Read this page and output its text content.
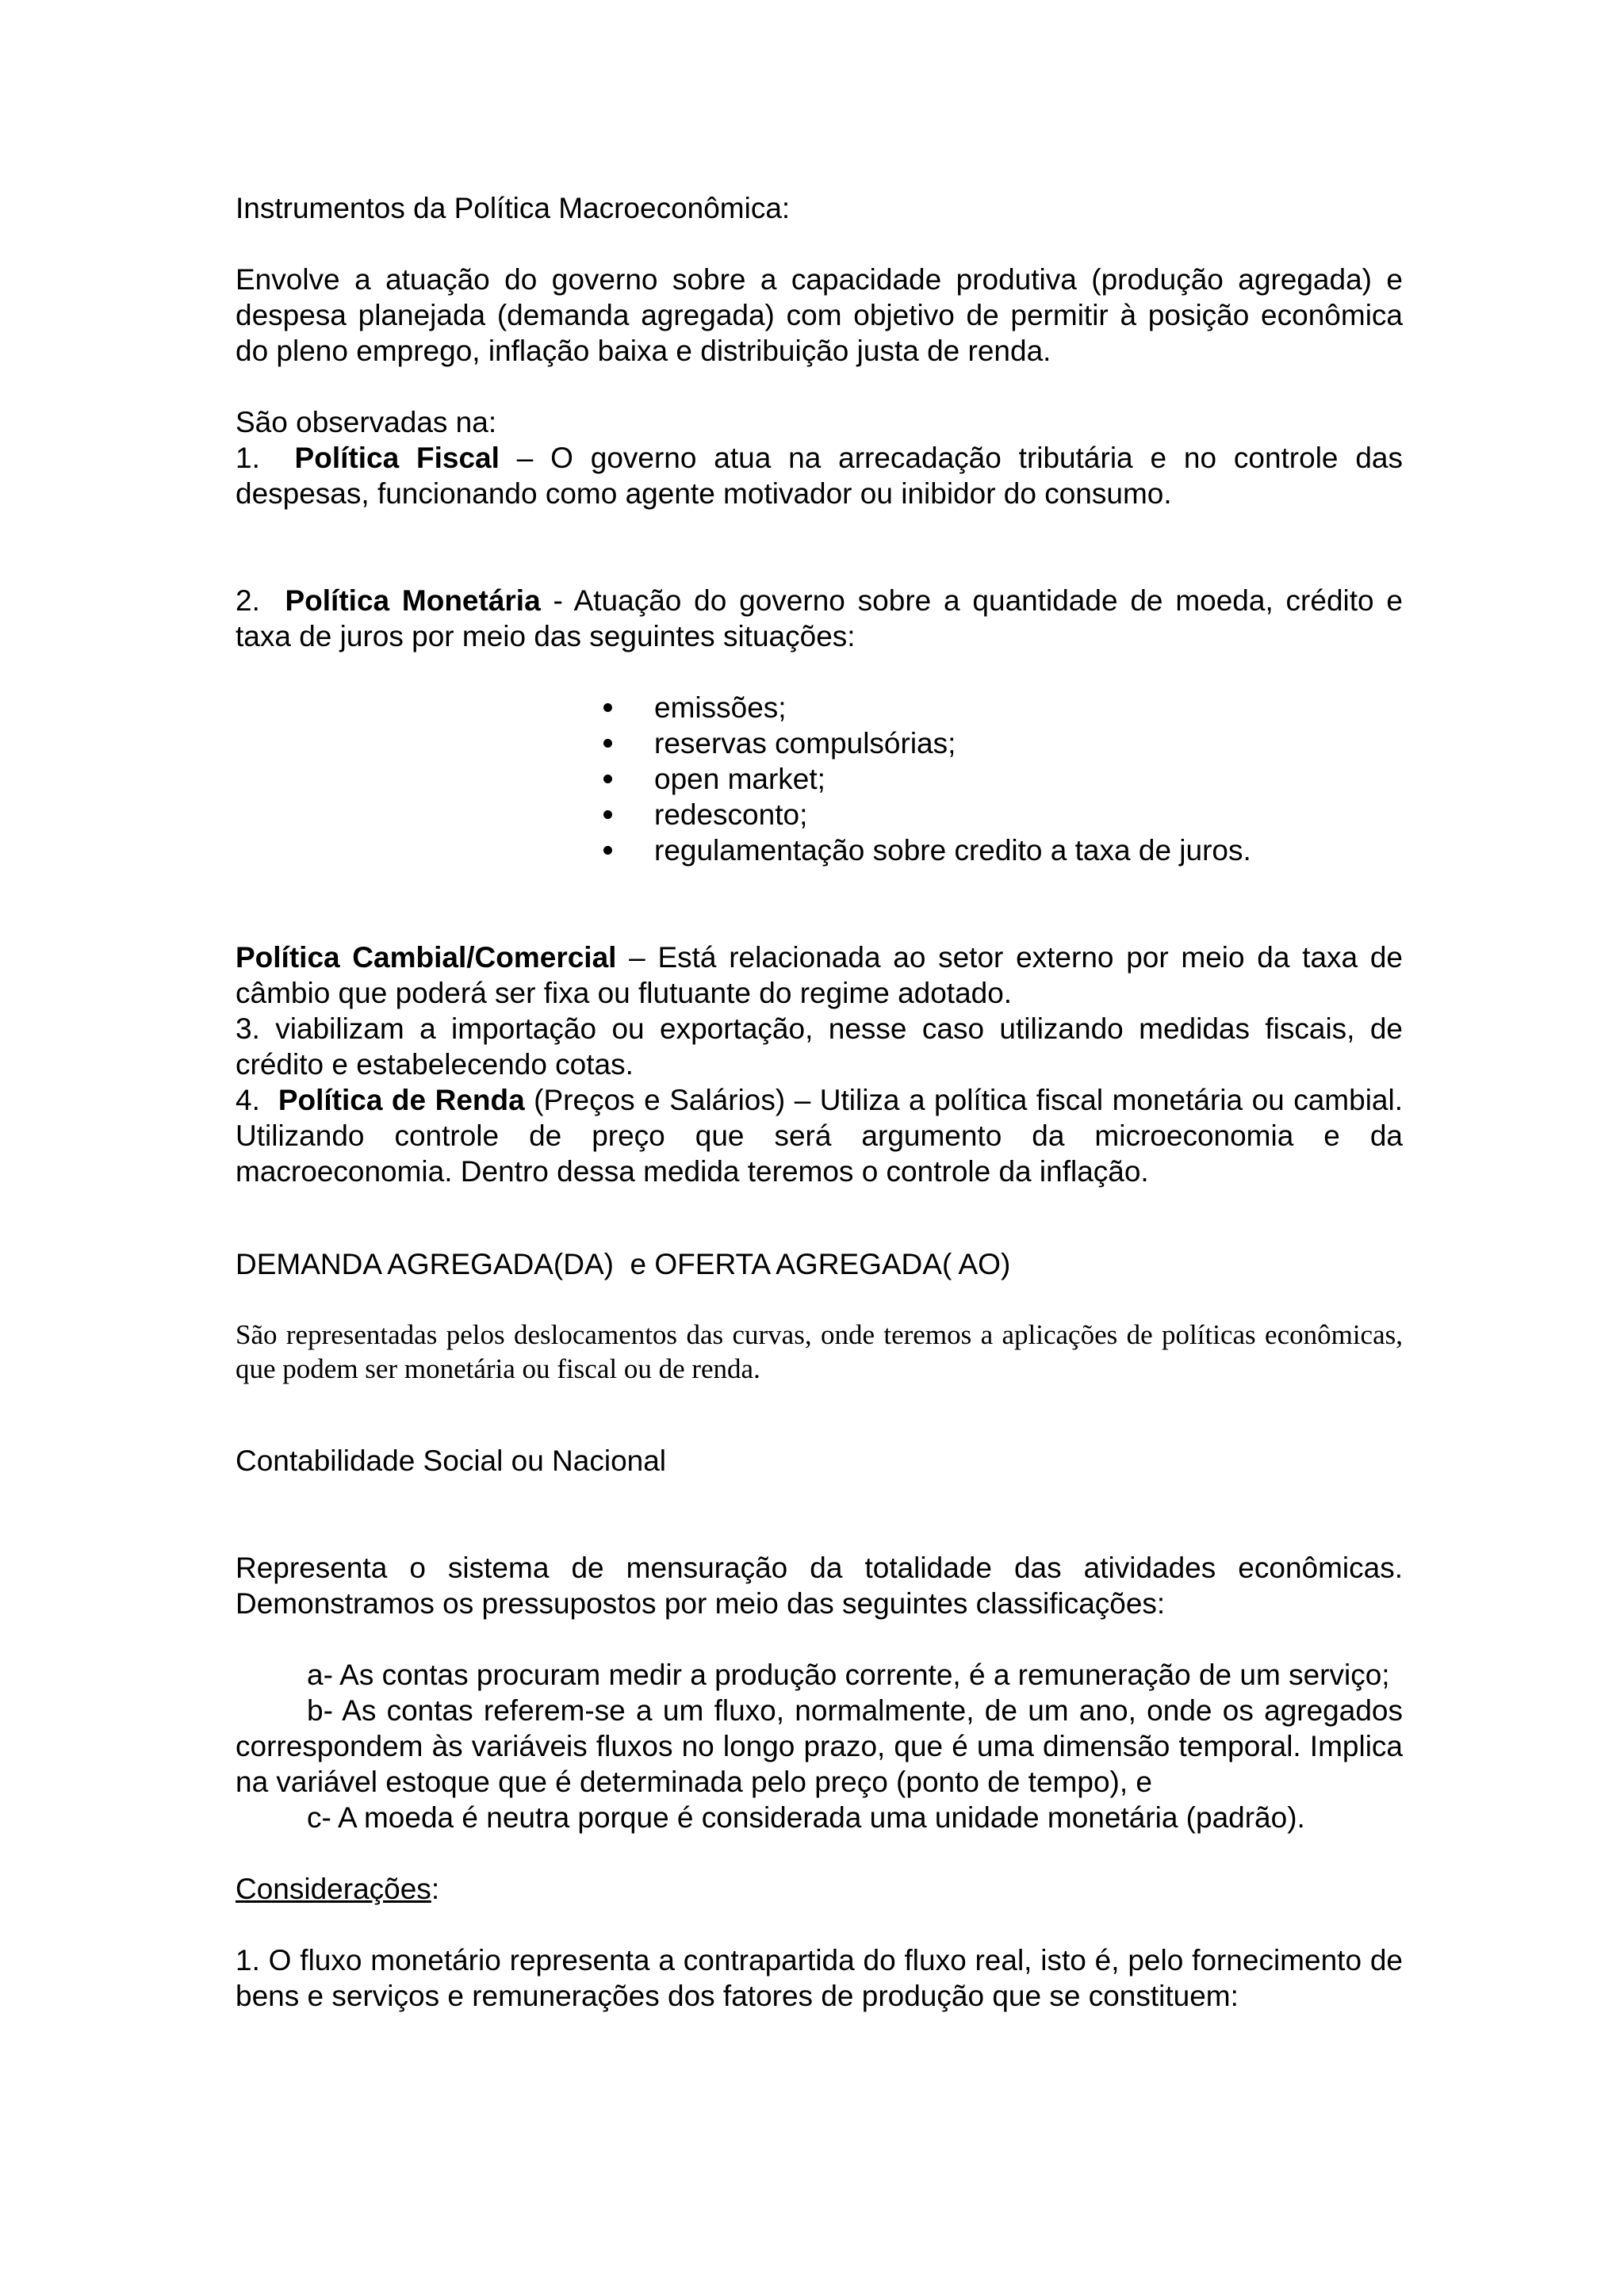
Instrumentos da Política Macroeconômica:

Envolve a atuação do governo sobre a capacidade produtiva (produção agregada) e despesa planejada (demanda agregada) com objetivo de permitir à posição econômica do pleno emprego, inflação baixa e distribuição justa de renda.

São observadas na:

1. Política Fiscal – O governo atua na arrecadação tributária e no controle das despesas, funcionando como agente motivador ou inibidor do consumo.

2. Política Monetária - Atuação do governo sobre a quantidade de moeda, crédito e taxa de juros por meio das seguintes situações:

emissões;
reservas compulsórias;
open market;
redesconto;
regulamentação sobre credito a taxa de juros.

Política Cambial/Comercial – Está relacionada ao setor externo por meio da taxa de câmbio que poderá ser fixa ou flutuante do regime adotado.

3. viabilizam a importação ou exportação, nesse caso utilizando medidas fiscais, de crédito e estabelecendo cotas.

4. Política de Renda (Preços e Salários) – Utiliza a política fiscal monetária ou cambial. Utilizando controle de preço que será argumento da microeconomia e da macroeconomia. Dentro dessa medida teremos o controle da inflação.

DEMANDA AGREGADA(DA)  e OFERTA AGREGADA( AO)

São representadas pelos deslocamentos das curvas, onde teremos a aplicações de políticas econômicas, que podem ser monetária ou fiscal ou de renda.

Contabilidade Social ou Nacional

Representa o sistema de mensuração da totalidade das atividades econômicas. Demonstramos os pressupostos por meio das seguintes classificações:

a- As contas procuram medir a produção corrente, é a remuneração de um serviço;

b- As contas referem-se a um fluxo, normalmente, de um ano, onde os agregados correspondem às variáveis fluxos no longo prazo, que é uma dimensão temporal. Implica na variável estoque que é determinada pelo preço (ponto de tempo), e

c- A moeda é neutra porque é considerada uma unidade monetária (padrão).

Considerações:

1. O fluxo monetário representa a contrapartida do fluxo real, isto é, pelo fornecimento de bens e serviços e remunerações dos fatores de produção que se constituem:
